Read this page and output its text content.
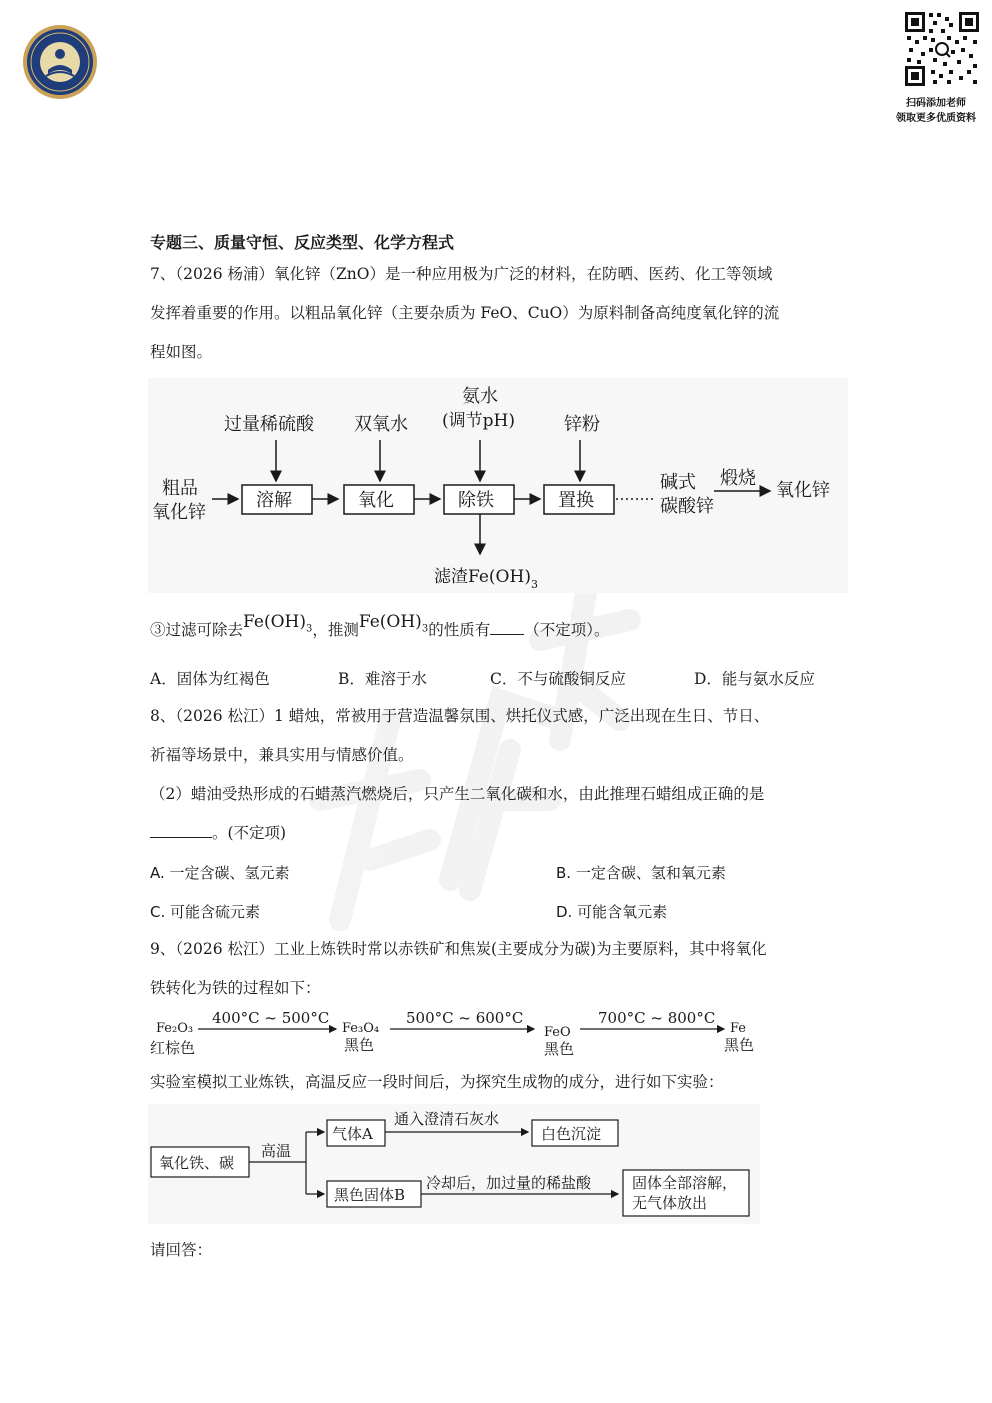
扫码添加老师
领取更多优质资料
专题三、质量守恒、反应类型、化学方程式
7、（2026 杨浦）氧化锌（ZnO）是一种应用极为广泛的材料，在防晒、医药、化工等领域
发挥着重要的作用。以粗品氧化锌（主要杂质为 FeO、CuO）为原料制备高纯度氧化锌的流
程如图。
粗品
氧化锌
溶解
过量稀硫酸
氧化
双氧水
除铁
氨水
(调节pH)
滤渣$Fe(OH)_3$
置换
锌粉
碱式
碳酸锌
煅烧
氧化锌
③过滤可除去$Fe(OH)_3$，推测$Fe(OH)_3$的性质有 （不定项）。
A．固体为红褐色	B．难溶于水	C．不与硫酸铜反应	D．能与氨水反应
8、（2026 松江）1 蜡烛，常被用于营造温馨氛围、烘托仪式感，广泛出现在生日、节日、
祈福等场景中，兼具实用与情感价值。
（2）蜡油受热形成的石蜡蒸汽燃烧后，只产生二氧化碳和水，由此推理石蜡组成正确的是
。(不定项)
A. 一定含碳、氢元素	B. 一定含碳、氢和氧元素
C. 可能含硫元素	D. 可能含氧元素
9、（2026 松江）工业上炼铁时常以赤铁矿和焦炭(主要成分为碳)为主要原料，其中将氧化
铁转化为铁的过程如下：
Fe₂O₃
红棕色
400°C ~ 500°C
Fe₃O₄
黑色
500°C ~ 600°C
FeO
黑色
700°C ~ 800°C
Fe
黑色
实验室模拟工业炼铁，高温反应一段时间后，为探究生成物的成分，进行如下实验：
氧化铁、碳
高温
气体A
通入澄清石灰水
白色沉淀
黑色固体B
冷却后，加过量的稀盐酸	固体全部溶解，
无气体放出
请回答：
